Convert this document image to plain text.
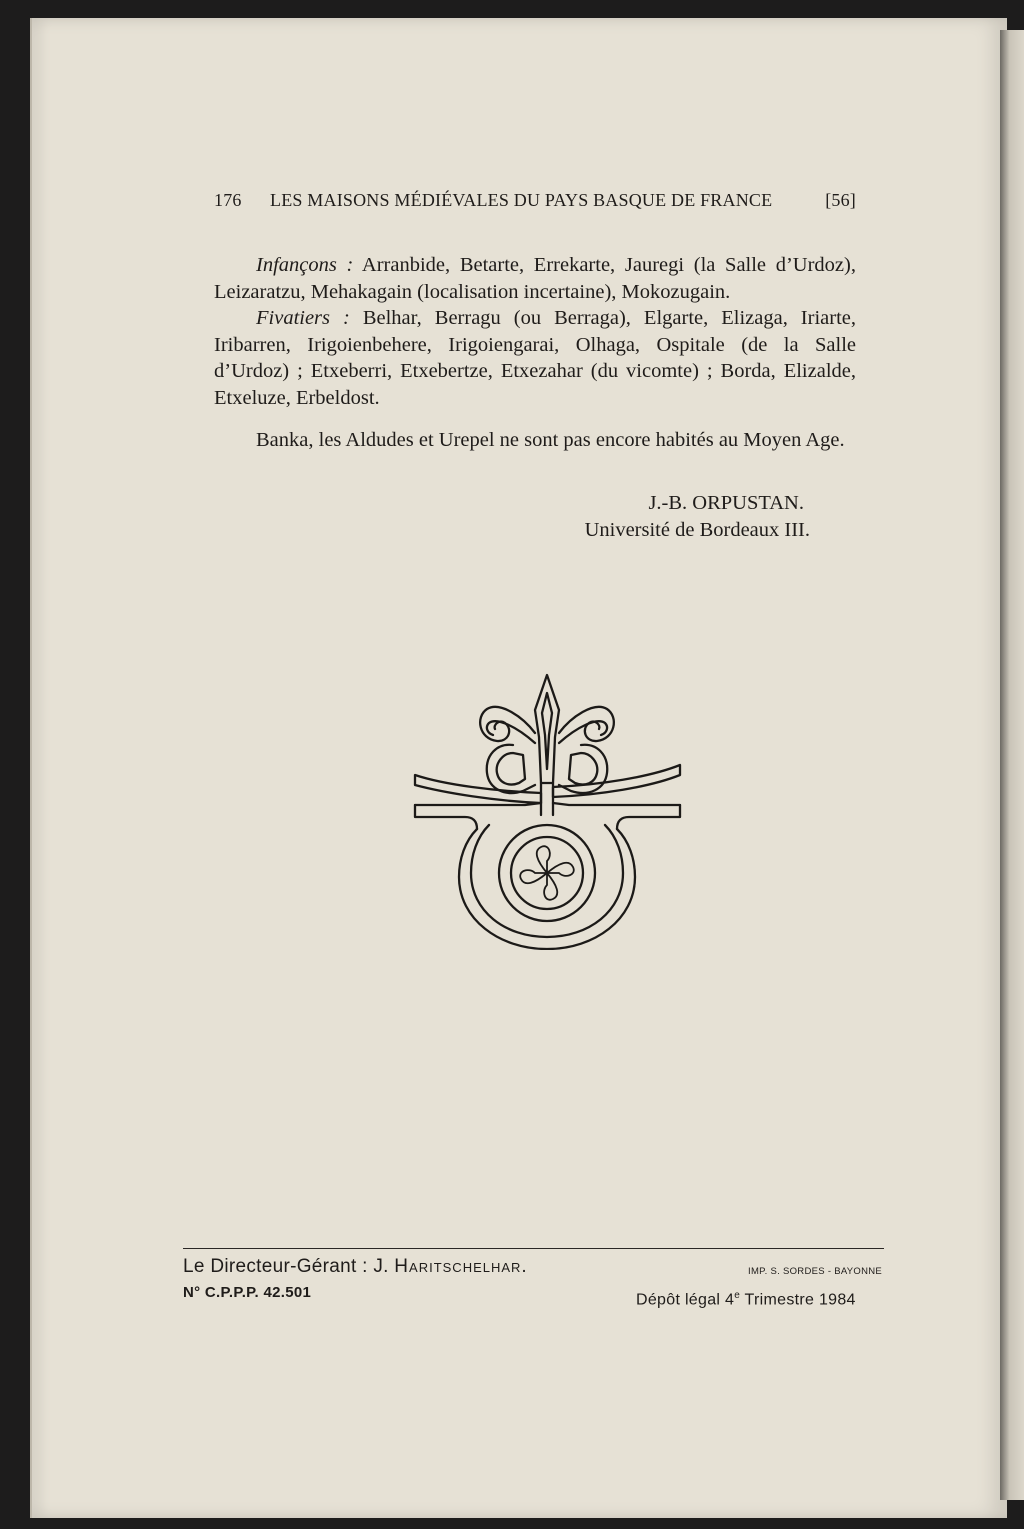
176 LES MAISONS MÉDIÉVALES DU PAYS BASQUE DE FRANCE	[56]

Infançons : Arranbide, Betarte, Errekarte, Jauregi (la Salle d’Urdoz), Leizaratzu, Mehakagain (localisation incertaine), Mokozugain.

Fivatiers : Belhar, Berragu (ou Berraga), Elgarte, Elizaga, Iriarte, Iribarren, Irigoienbehere, Irigoiengarai, Olhaga, Ospitale (de la Salle d’Urdoz) ; Etxeberri, Etxebertze, Etxezahar (du vicomte) ; Borda, Elizalde, Etxeluze, Erbeldost.

Banka, les Aldudes et Urepel ne sont pas encore habités au Moyen Age.

J.-B. ORPUSTAN.
Université de Bordeaux III.
Le Directeur-Gérant : J. Haritschelhar.	IMP. S. SORDES - BAYONNE
N° C.P.P.P. 42.501	Dépôt légal 4e Trimestre 1984
